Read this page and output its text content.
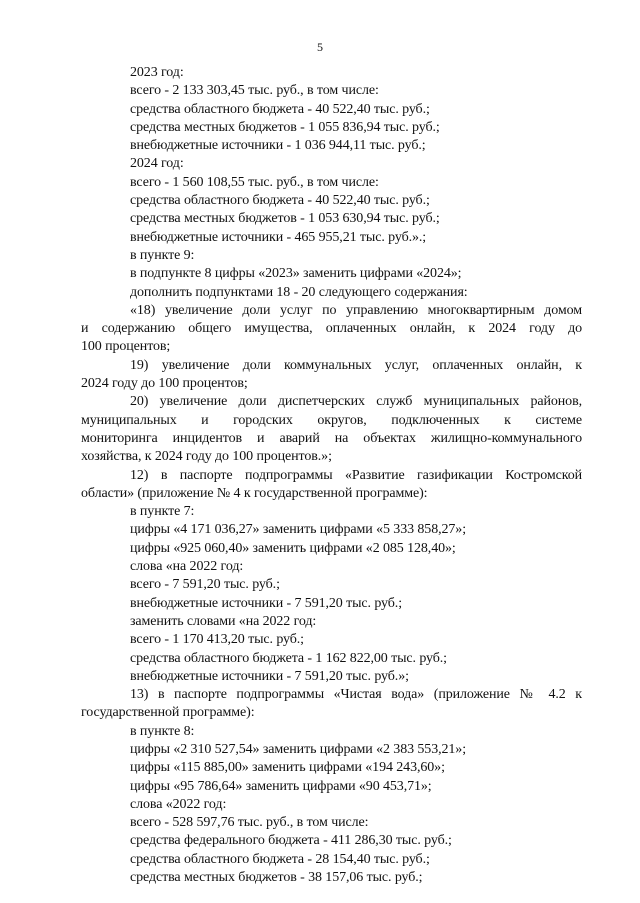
5
2023 год:
всего - 2 133 303,45 тыс. руб., в том числе:
средства областного бюджета - 40 522,40 тыс. руб.;
средства местных бюджетов - 1 055 836,94 тыс. руб.;
внебюджетные источники - 1 036 944,11 тыс. руб.;
2024 год:
всего - 1 560 108,55 тыс. руб., в том числе:
средства областного бюджета - 40 522,40 тыс. руб.;
средства местных бюджетов - 1 053 630,94 тыс. руб.;
внебюджетные источники - 465 955,21 тыс. руб.».;
в пункте 9:
в подпункте 8 цифры «2023» заменить цифрами «2024»;
дополнить подпунктами 18 - 20 следующего содержания:
«18) увеличение доли услуг по управлению многоквартирным домом
и содержанию общего имущества, оплаченных онлайн, к 2024 году до
100 процентов;
19) увеличение доли коммунальных услуг, оплаченных онлайн, к
2024 году до 100 процентов;
20) увеличение доли диспетчерских служб муниципальных районов,
муниципальных и городских округов, подключенных к системе
мониторинга инцидентов и аварий на объектах жилищно-коммунального
хозяйства, к 2024 году до 100 процентов.»;
12) в паспорте подпрограммы «Развитие газификации Костромской
области» (приложение № 4 к государственной программе):
в пункте 7:
цифры «4 171 036,27» заменить цифрами «5 333 858,27»;
цифры «925 060,40» заменить цифрами «2 085 128,40»;
слова «на 2022 год:
всего - 7 591,20 тыс. руб.;
внебюджетные источники - 7 591,20 тыс. руб.;
заменить словами «на 2022 год:
всего - 1 170 413,20 тыс. руб.;
средства областного бюджета - 1 162 822,00 тыс. руб.;
внебюджетные источники - 7 591,20 тыс. руб.»;
13) в паспорте подпрограммы «Чистая вода» (приложение № 4.2 к
государственной программе):
в пункте 8:
цифры «2 310 527,54» заменить цифрами «2 383 553,21»;
цифры «115 885,00» заменить цифрами «194 243,60»;
цифры «95 786,64» заменить цифрами «90 453,71»;
слова «2022 год:
всего - 528 597,76 тыс. руб., в том числе:
средства федерального бюджета - 411 286,30 тыс. руб.;
средства областного бюджета - 28 154,40 тыс. руб.;
средства местных бюджетов - 38 157,06 тыс. руб.;
